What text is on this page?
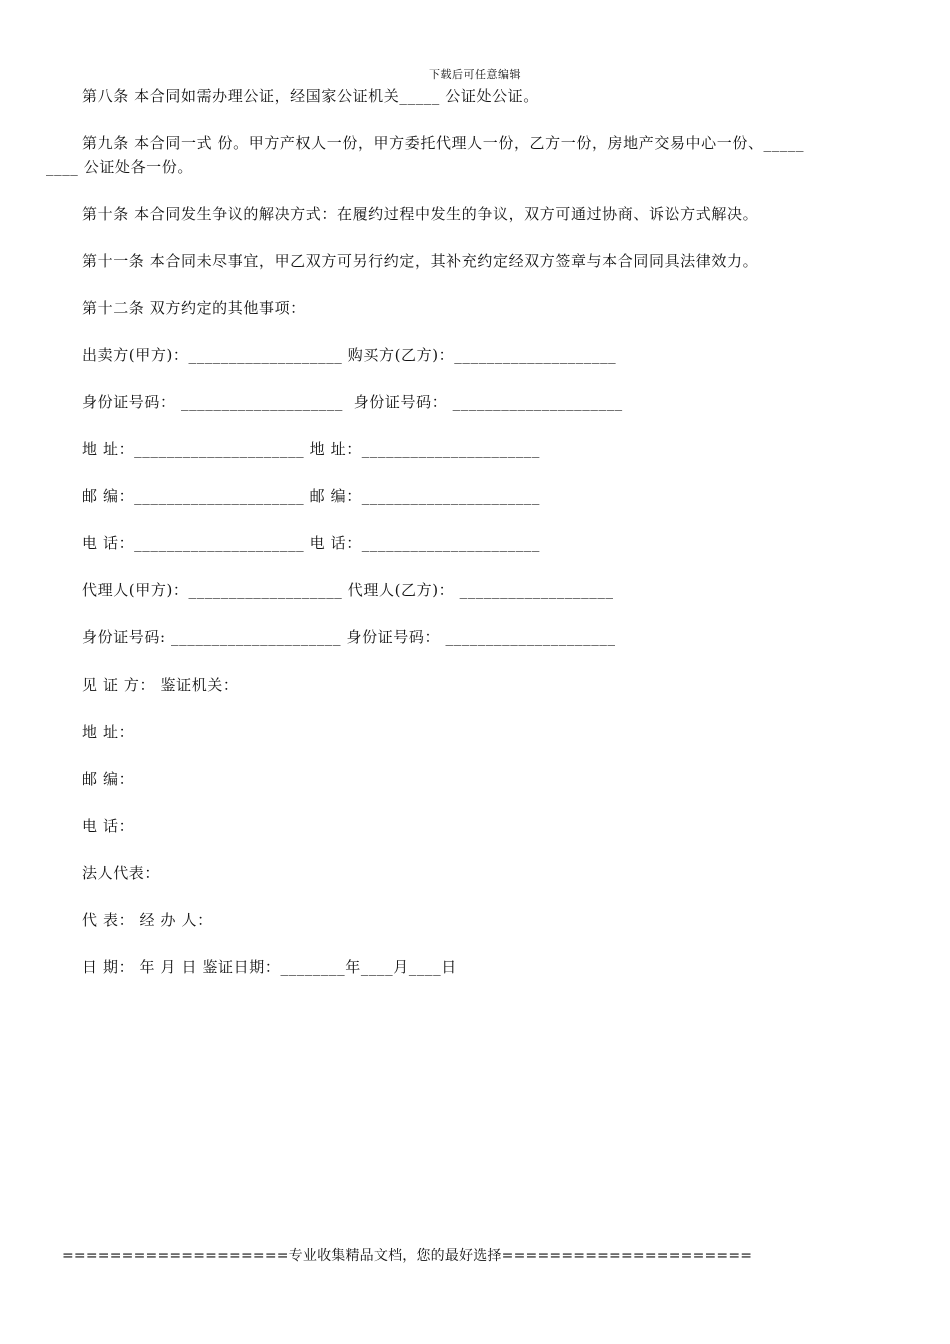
下载后可任意编辑
第八条 本合同如需办理公证，经国家公证机关_____ 公证处公证。
第九条 本合同一式 份。甲方产权人一份，甲方委托代理人一份，乙方一份，房地产交易中心一份、_____
____ 公证处各一份。
第十条 本合同发生争议的解决方式：在履约过程中发生的争议，双方可通过协商、诉讼方式解决。
第十一条 本合同未尽事宜，甲乙双方可另行约定，其补充约定经双方签章与本合同同具法律效力。
第十二条 双方约定的其他事项：
出卖方(甲方)：___________________ 购买方(乙方)：____________________
身份证号码： ____________________  身份证号码： _____________________
地 址：_____________________ 地 址：______________________
邮 编：_____________________ 邮 编：______________________
电 话：_____________________ 电 话：______________________
代理人(甲方)：___________________ 代理人(乙方)： ___________________
身份证号码: _____________________ 身份证号码： _____________________
见 证 方： 鉴证机关：
地 址：
邮 编：
电 话：
法人代表：
代 表： 经 办 人：
日 期： 年 月 日 鉴证日期：________年____月____日
===================专业收集精品文档，您的最好选择=====================
